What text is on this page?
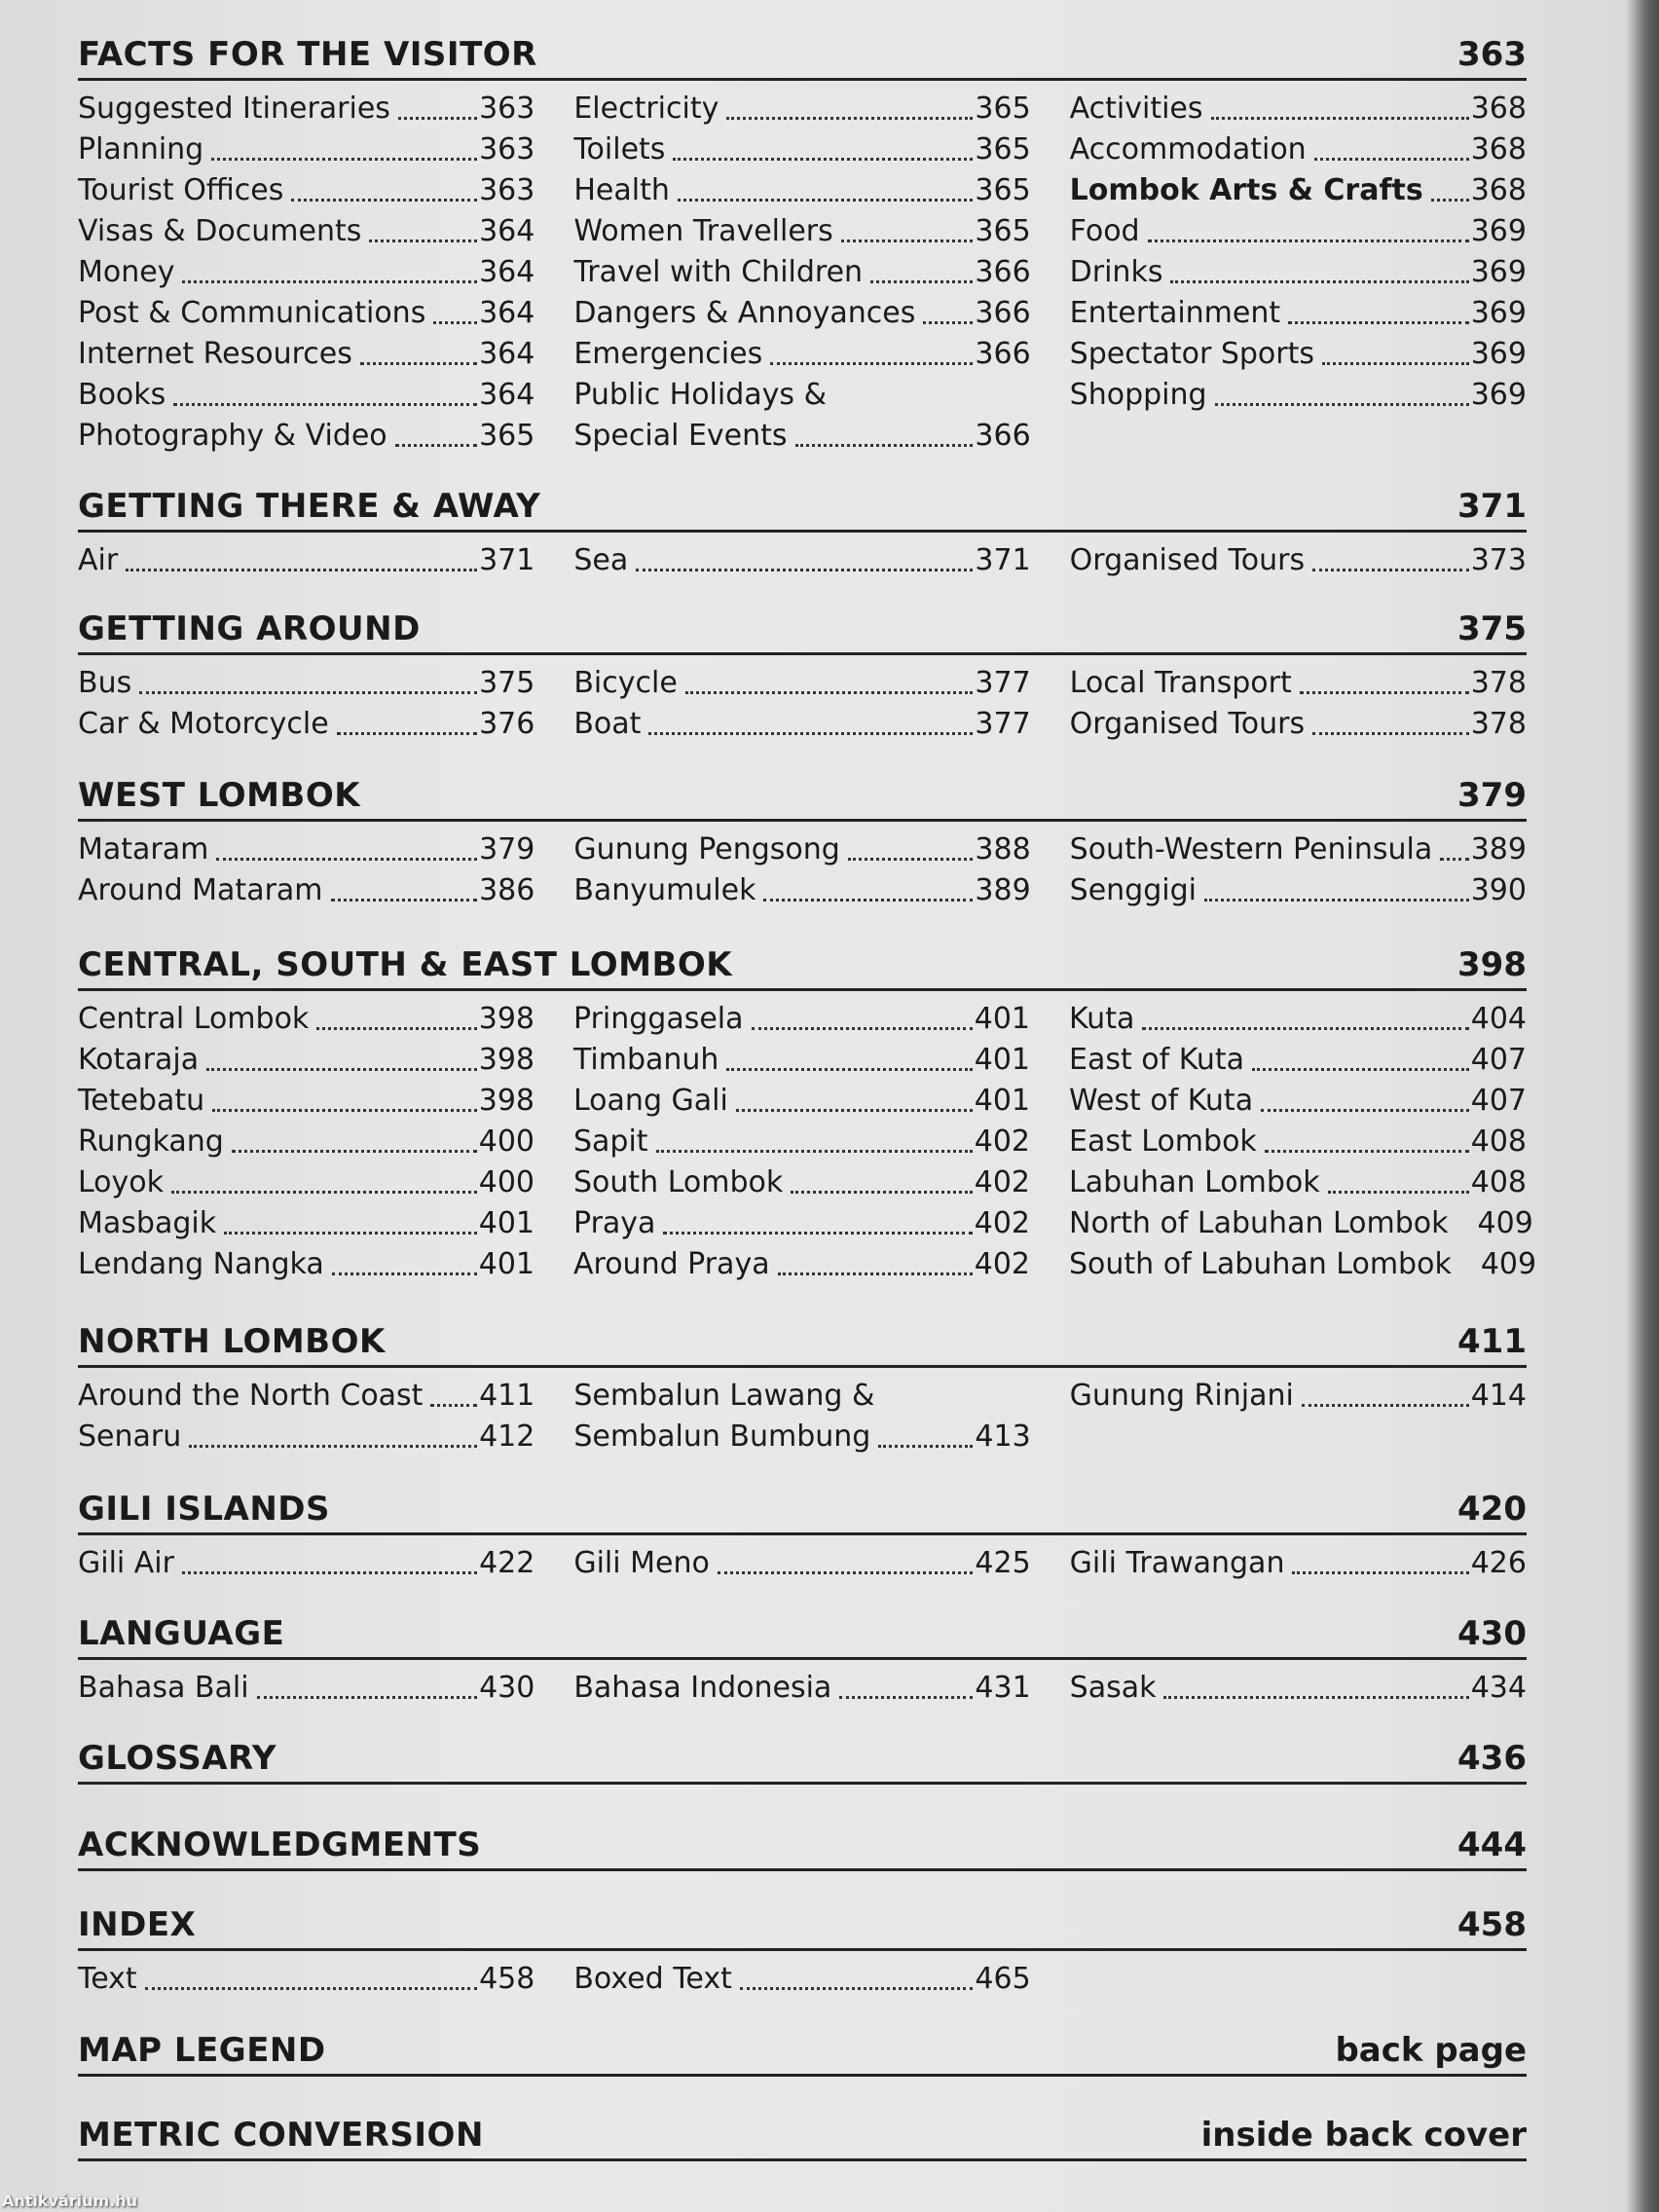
FACTS FOR THE VISITOR	363
Suggested Itineraries	363
Planning	363
Tourist Offices	363
Visas & Documents	364
Money	364
Post & Communications 364
Internet Resources	364
Books	364
Photography & Video	365
Electricity	365
Toilets	365
Health	365
Women Travellers	365
Travel with Children	366
Dangers & Annoyances 366
Emergencies	366
Public Holidays &
Special Events	366
Activities	368
Accommodation	368
Lombok Arts & Crafts 368
Food	369
Drinks	369
Entertainment	369
Spectator Sports	369
Shopping	369
GETTING THERE & AWAY	371
Air	371 Sea	371 Organised Tours	373
GETTING AROUND	375
Bus	375
Car & Motorcycle	376
Bicycle	377
Boat	377
Local Transport	378
Organised Tours	378
WEST LOMBOK	379
Mataram	379
Around Mataram	386
Gunung Pengsong	388
Banyumulek	389
South-Western Peninsula 389
Senggigi	390
CENTRAL, SOUTH & EAST LOMBOK	398
Central Lombok	398
Kotaraja	398
Tetebatu	398
Rungkang	400
Loyok	400
Masbagik	401
Lendang Nangka	401
Pringgasela	401
Timbanuh	401
Loang Gali	401
Sapit	402
South Lombok	402
Praya	402
Around Praya	402
Kuta	404
East of Kuta	407
West of Kuta	407
East Lombok	408
Labuhan Lombok	408
North of Labuhan Lombok 409
South of Labuhan Lombok 409
NORTH LOMBOK	411
Around the North Coast 411
Senaru	412
Sembalun Lawang &
Sembalun Bumbung	413
Gunung Rinjani	414
GILI ISLANDS	420
Gili Air	422 Gili Meno	425 Gili Trawangan	426
LANGUAGE	430
Bahasa Bali	430 Bahasa Indonesia	431 Sasak	434
GLOSSARY	436
ACKNOWLEDGMENTS	444
INDEX	458
Text	458 Boxed Text	465
MAP LEGEND	back page
METRIC CONVERSION	inside back cover
Antikvárium.hu
